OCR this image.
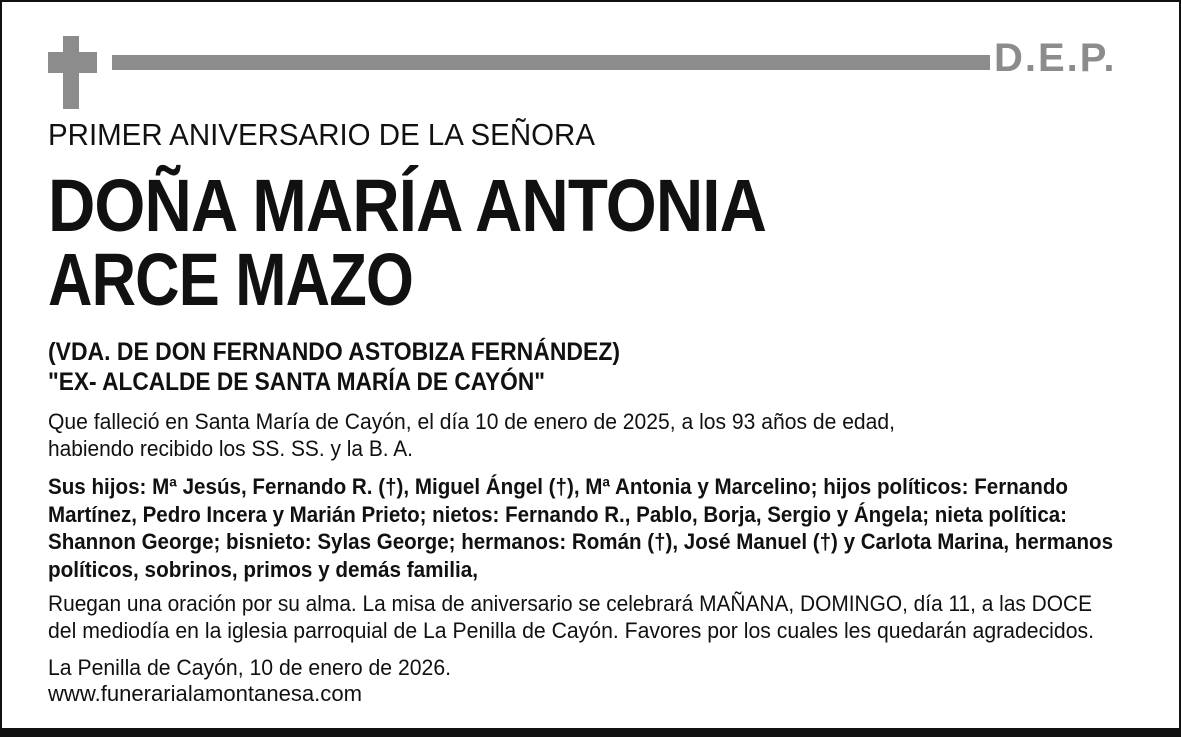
D.E.P.
PRIMER ANIVERSARIO DE LA SEÑORA
DOÑA MARÍA ANTONIA
ARCE MAZO
(VDA. DE DON FERNANDO ASTOBIZA FERNÁNDEZ)
"EX- ALCALDE DE SANTA MARÍA DE CAYÓN"
Que falleció en Santa María de Cayón, el día 10 de enero de 2025, a los 93 años de edad,
habiendo recibido los SS. SS. y la B. A.
Sus hijos: Mª Jesús, Fernando R. (†), Miguel Ángel (†), Mª Antonia y Marcelino; hijos políticos: Fernando
Martínez, Pedro Incera y Marián Prieto; nietos: Fernando R., Pablo, Borja, Sergio y Ángela; nieta política:
Shannon George; bisnieto: Sylas George; hermanos: Román (†), José Manuel (†) y Carlota Marina, hermanos
políticos, sobrinos, primos y demás familia,
Ruegan una oración por su alma. La misa de aniversario se celebrará MAÑANA, DOMINGO, día 11, a las DOCE
del mediodía en la iglesia parroquial de La Penilla de Cayón. Favores por los cuales les quedarán agradecidos.
La Penilla de Cayón, 10 de enero de 2026.
www.funerarialamontanesa.com
